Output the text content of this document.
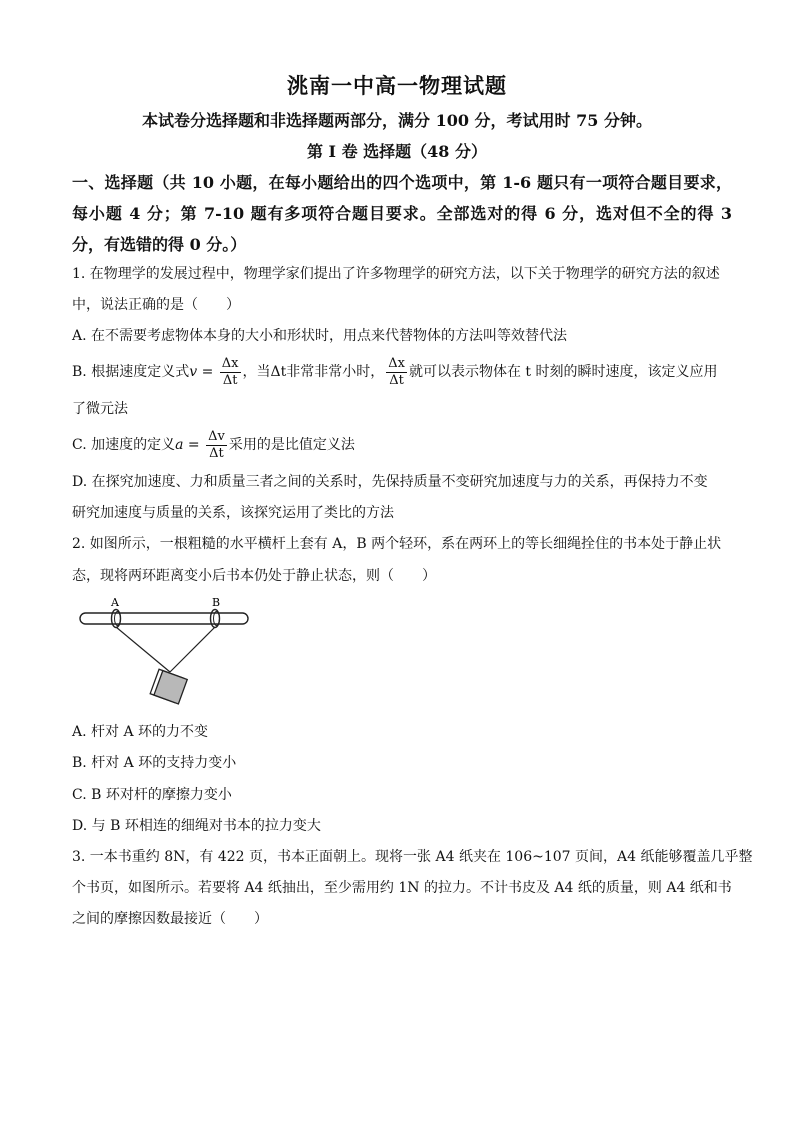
洮南一中高一物理试题
本试卷分选择题和非选择题两部分，满分 100 分，考试用时 75 分钟。
第 I 卷 选择题（48 分）
一、选择题（共 10 小题，在每小题给出的四个选项中，第 1-6 题只有一项符合题目要求，每小题 4 分；第 7-10 题有多项符合题目要求。全部选对的得 6 分，选对但不全的得 3 分，有选错的得 0 分。）
1. 在物理学的发展过程中，物理学家们提出了许多物理学的研究方法，以下关于物理学的研究方法的叙述
中，说法正确的是（　　）
A. 在不需要考虑物体本身的大小和形状时，用点来代替物体的方法叫等效替代法
B. 根据速度定义式$v = \frac{\Delta x}{\Delta t}$ ，当Δt非常非常小时， $\frac{\Delta x}{\Delta t}$ 就可以表示物体在 t 时刻的瞬时速度，该定义应用
了微元法
C. 加速度的定义$a = \frac{\Delta v}{\Delta t}$ 采用的是比值定义法
D. 在探究加速度、力和质量三者之间的关系时，先保持质量不变研究加速度与力的关系，再保持力不变
研究加速度与质量的关系，该探究运用了类比的方法
2. 如图所示，一根粗糙的水平横杆上套有 A，B 两个轻环，系在两环上的等长细绳拴住的书本处于静止状
态，现将两环距离变小后书本仍处于静止状态，则（　　）
A	B
A. 杆对 A 环的力不变
B. 杆对 A 环的支持力变小
C. B 环对杆的摩擦力变小
D. 与 B 环相连的细绳对书本的拉力变大
3. 一本书重约 8N，有 422 页，书本正面朝上。现将一张 A4 纸夹在 106~107 页间，A4 纸能够覆盖几乎整
个书页，如图所示。若要将 A4 纸抽出，至少需用约 1N 的拉力。不计书皮及 A4 纸的质量，则 A4 纸和书
之间的摩擦因数最接近（　　）
